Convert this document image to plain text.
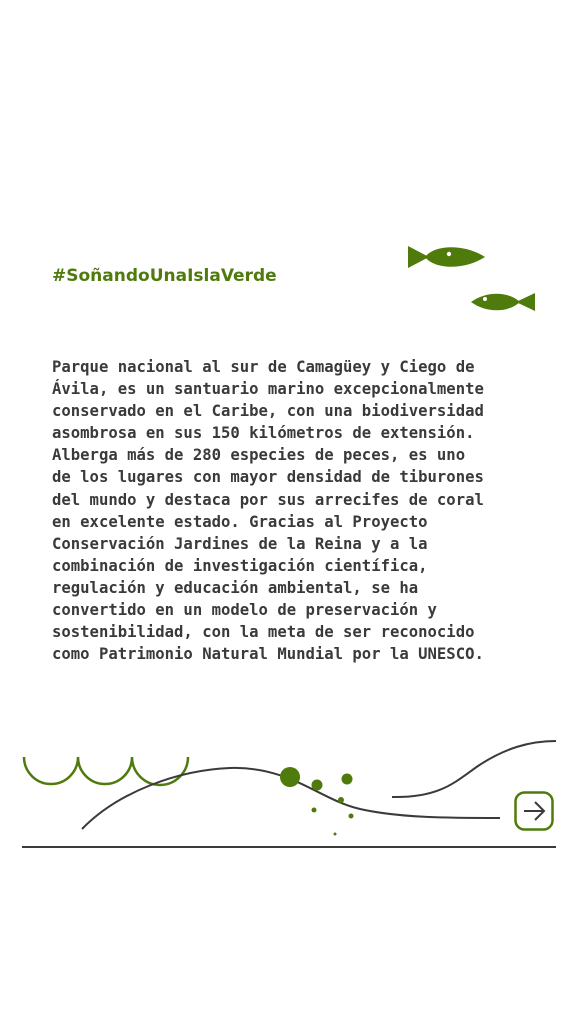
#SoñandoUnaIslaVerde
Parque nacional al sur de Camagüey y Ciego de
Ávila, es un santuario marino excepcionalmente
conservado en el Caribe, con una biodiversidad
asombrosa en sus 150 kilómetros de extensión.
Alberga más de 280 especies de peces, es uno
de los lugares con mayor densidad de tiburones
del mundo y destaca por sus arrecifes de coral
en excelente estado. Gracias al Proyecto
Conservación Jardines de la Reina y a la
combinación de investigación científica,
regulación y educación ambiental, se ha
convertido en un modelo de preservación y
sostenibilidad, con la meta de ser reconocido
como Patrimonio Natural Mundial por la UNESCO.
